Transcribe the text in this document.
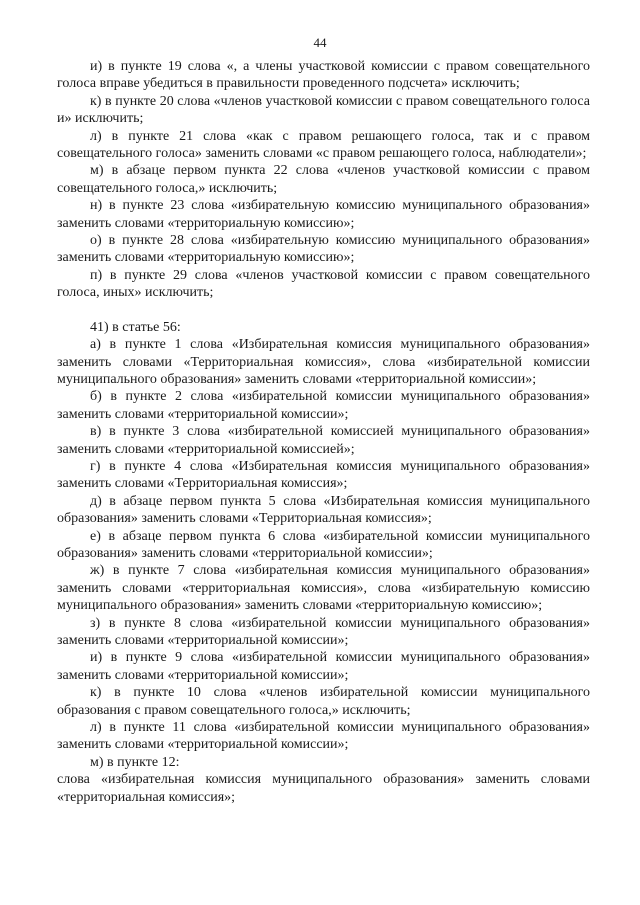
44

и) в пункте 19 слова «, а члены участковой комиссии с правом совещательного голоса вправе убедиться в правильности проведенного подсчета» исключить;

к) в пункте 20 слова «членов участковой комиссии с правом совещательного голоса и» исключить;

л) в пункте 21 слова «как с правом решающего голоса, так и с правом совещательного голоса» заменить словами «с правом решающего голоса, наблюдатели»;

м) в абзаце первом пункта 22 слова «членов участковой комиссии с правом совещательного голоса,» исключить;

н) в пункте 23 слова «избирательную комиссию муниципального образования» заменить словами «территориальную комиссию»;

о) в пункте 28 слова «избирательную комиссию муниципального образования» заменить словами «территориальную комиссию»;

п) в пункте 29 слова «членов участковой комиссии с правом совещательного голоса, иных» исключить;

41) в статье 56:

а) в пункте 1 слова «Избирательная комиссия муниципального образования» заменить словами «Территориальная комиссия», слова «избирательной комиссии муниципального образования» заменить словами «территориальной комиссии»;

б) в пункте 2 слова «избирательной комиссии муниципального образования» заменить словами «территориальной комиссии»;

в) в пункте 3 слова «избирательной комиссией муниципального образования» заменить словами «территориальной комиссией»;

г) в пункте 4 слова «Избирательная комиссия муниципального образования» заменить словами «Территориальная комиссия»;

д) в абзаце первом пункта 5 слова «Избирательная комиссия муниципального образования» заменить словами «Территориальная комиссия»;

е) в абзаце первом пункта 6 слова «избирательной комиссии муниципального образования» заменить словами «территориальной комиссии»;

ж) в пункте 7 слова «избирательная комиссия муниципального образования» заменить словами «территориальная комиссия», слова «избирательную комиссию муниципального образования» заменить словами «территориальную комиссию»;

з) в пункте 8 слова «избирательной комиссии муниципального образования» заменить словами «территориальной комиссии»;

и) в пункте 9 слова «избирательной комиссии муниципального образования» заменить словами «территориальной комиссии»;

к) в пункте 10 слова «членов избирательной комиссии муниципального образования с правом совещательного голоса,» исключить;

л) в пункте 11 слова «избирательной комиссии муниципального образования» заменить словами «территориальной комиссии»;

м) в пункте 12:

слова «избирательная комиссия муниципального образования» заменить словами «территориальная комиссия»;
